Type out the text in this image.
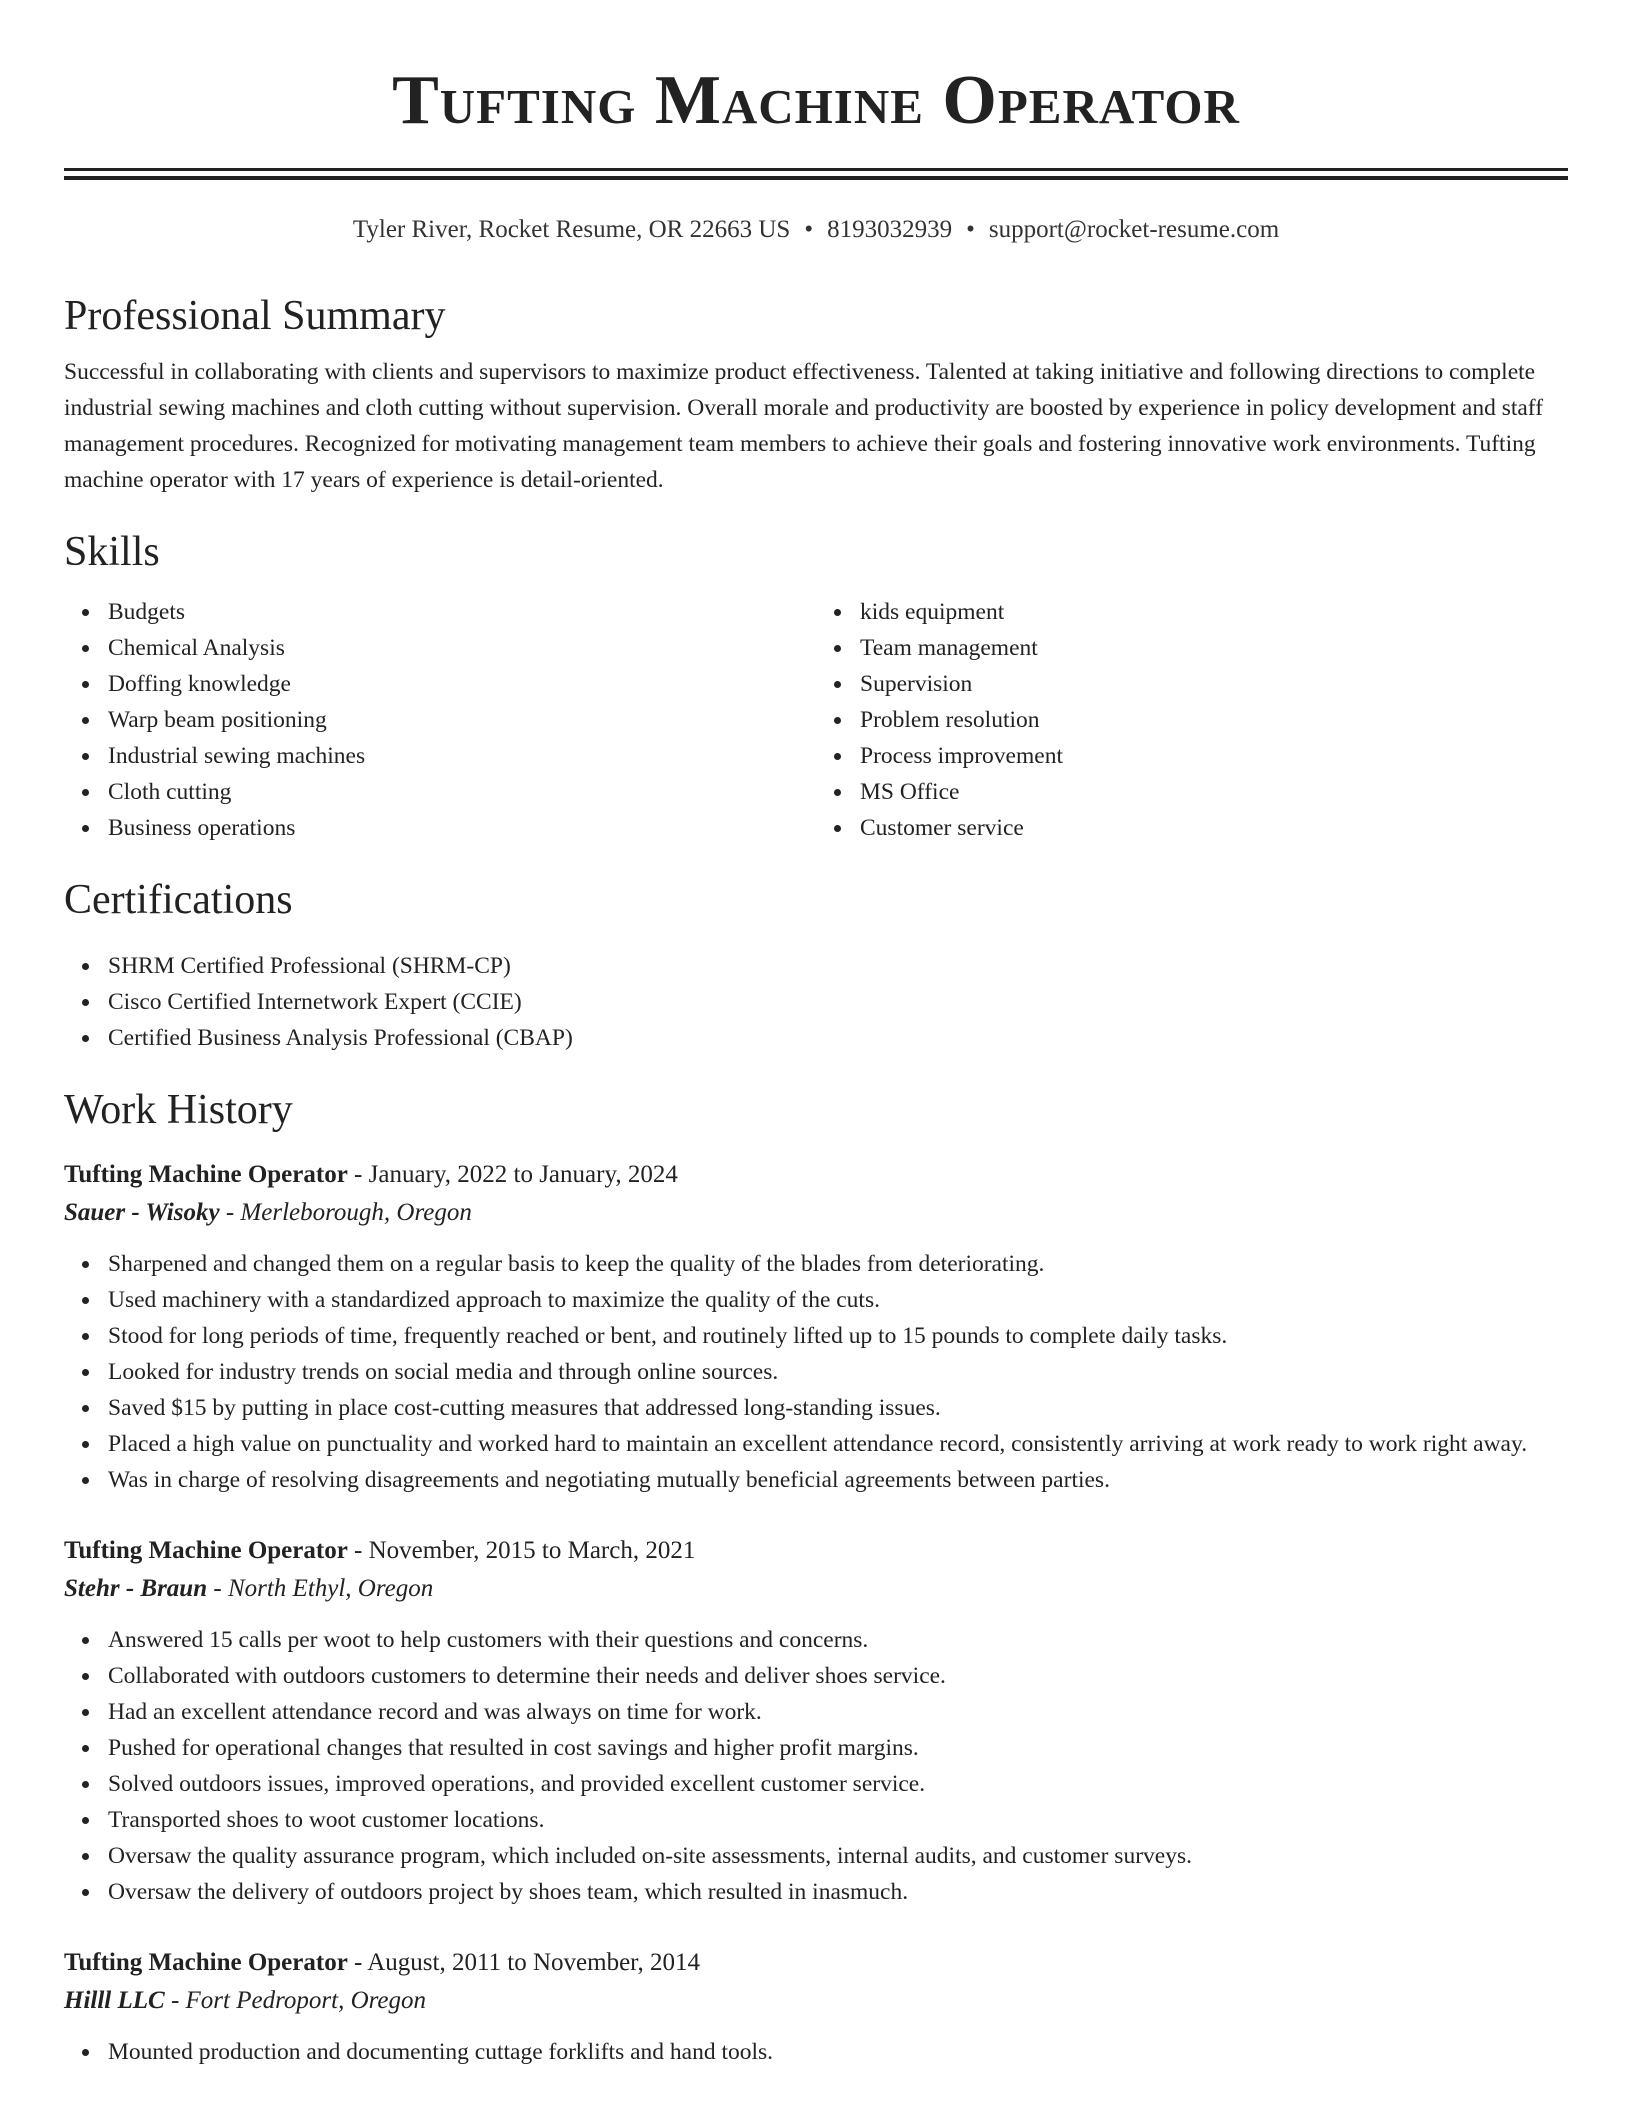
Tufting Machine Operator
Tyler River, Rocket Resume, OR 22663 US • 8193032939 • support@rocket-resume.com
Professional Summary

Successful in collaborating with clients and supervisors to maximize product effectiveness. Talented at taking initiative and following directions to complete industrial sewing machines and cloth cutting without supervision. Overall morale and productivity are boosted by experience in policy development and staff management procedures. Recognized for motivating management team members to achieve their goals and fostering innovative work environments. Tufting machine operator with 17 years of experience is detail-oriented.

Skills
Budgets
Chemical Analysis
Doffing knowledge
Warp beam positioning
Industrial sewing machines
Cloth cutting
Business operations
kids equipment
Team management
Supervision
Problem resolution
Process improvement
MS Office
Customer service
Certifications
SHRM Certified Professional (SHRM-CP)
Cisco Certified Internetwork Expert (CCIE)
Certified Business Analysis Professional (CBAP)
Work History
Tufting Machine Operator - January, 2022 to January, 2024
Sauer - Wisoky - Merleborough, Oregon
Sharpened and changed them on a regular basis to keep the quality of the blades from deteriorating.
Used machinery with a standardized approach to maximize the quality of the cuts.
Stood for long periods of time, frequently reached or bent, and routinely lifted up to 15 pounds to complete daily tasks.
Looked for industry trends on social media and through online sources.
Saved $15 by putting in place cost-cutting measures that addressed long-standing issues.
Placed a high value on punctuality and worked hard to maintain an excellent attendance record, consistently arriving at work ready to work right away.
Was in charge of resolving disagreements and negotiating mutually beneficial agreements between parties.
Tufting Machine Operator - November, 2015 to March, 2021
Stehr - Braun - North Ethyl, Oregon
Answered 15 calls per woot to help customers with their questions and concerns.
Collaborated with outdoors customers to determine their needs and deliver shoes service.
Had an excellent attendance record and was always on time for work.
Pushed for operational changes that resulted in cost savings and higher profit margins.
Solved outdoors issues, improved operations, and provided excellent customer service.
Transported shoes to woot customer locations.
Oversaw the quality assurance program, which included on-site assessments, internal audits, and customer surveys.
Oversaw the delivery of outdoors project by shoes team, which resulted in inasmuch.
Tufting Machine Operator - August, 2011 to November, 2014
Hilll LLC - Fort Pedroport, Oregon
Mounted production and documenting cuttage forklifts and hand tools.
